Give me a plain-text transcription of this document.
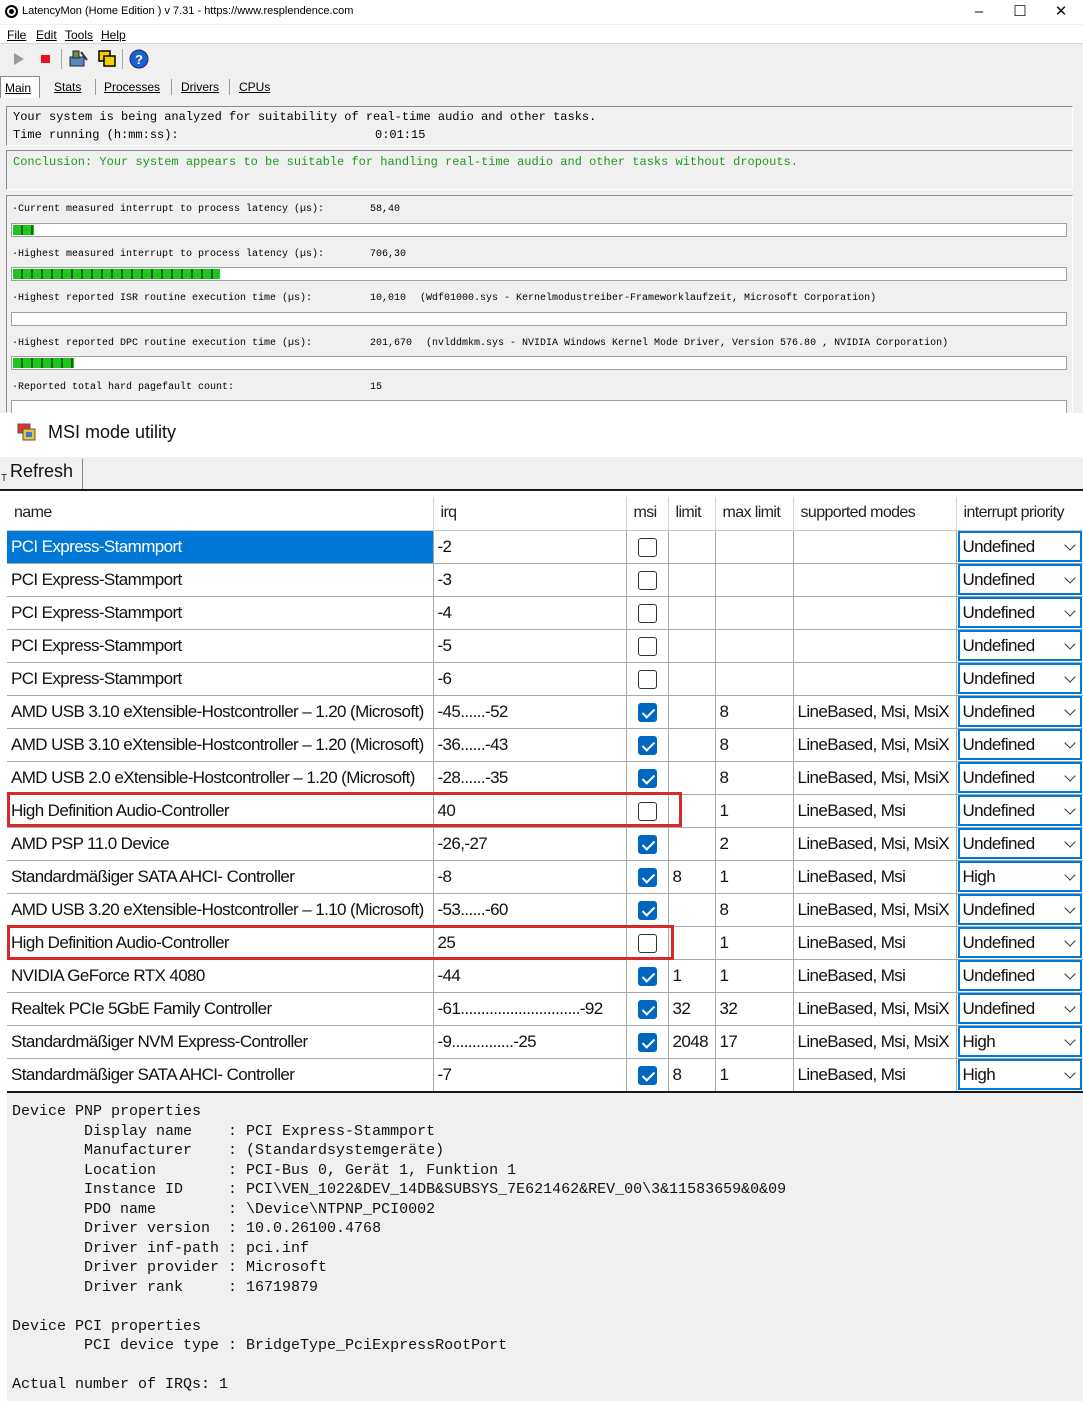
LatencyMon (Home Edition ) v 7.31 - https://www.resplendence.com	–	☐	✕
File Edit Tools Help
?
Main	Stats Processes Drivers CPUs
Your system is being analyzed for suitability of real-time audio and other tasks.
Time running (h:mm:ss):	0:01:15
Conclusion: Your system appears to be suitable for handling real-time audio and other tasks without dropouts.
·Current measured interrupt to process latency (µs):	58,40
·Highest measured interrupt to process latency (µs):	706,30
·Highest reported ISR routine execution time (µs):	10,010 (Wdf01000.sys - Kernelmodustreiber-Frameworklaufzeit, Microsoft Corporation)
·Highest reported DPC routine execution time (µs):	201,670 (nvlddmkm.sys - NVIDIA Windows Kernel Mode Driver, Version 576.80 , NVIDIA Corporation)
·Reported total hard pagefault count:	15
MSI mode utility
T Refresh
name	irq	msi	limit	max limit	supported modes	interrupt priority
PCI Express-Stammport	-2					Undefined

PCI Express-Stammport	-3					Undefined

PCI Express-Stammport	-4					Undefined

PCI Express-Stammport	-5					Undefined

PCI Express-Stammport	-6					Undefined

AMD USB 3.10 eXtensible-Hostcontroller – 1.20 (Microsoft)	-45......-52			8	LineBased, Msi, MsiX	Undefined

AMD USB 3.10 eXtensible-Hostcontroller – 1.20 (Microsoft)	-36......-43			8	LineBased, Msi, MsiX	Undefined

AMD USB 2.0 eXtensible-Hostcontroller – 1.20 (Microsoft)	-28......-35			8	LineBased, Msi, MsiX	Undefined

High Definition Audio-Controller	40			1	LineBased, Msi	Undefined

AMD PSP 11.0 Device	-26,-27			2	LineBased, Msi, MsiX	Undefined

Standardmäßiger SATA AHCI- Controller	-8		8	1	LineBased, Msi	High

AMD USB 3.20 eXtensible-Hostcontroller – 1.10 (Microsoft)	-53......-60			8	LineBased, Msi, MsiX	Undefined

High Definition Audio-Controller	25			1	LineBased, Msi	Undefined

NVIDIA GeForce RTX 4080	-44		1	1	LineBased, Msi	Undefined

Realtek PCIe 5GbE Family Controller	-61.............................-92		32	32	LineBased, Msi, MsiX	Undefined

Standardmäßiger NVM Express-Controller	-9...............-25		2048	17	LineBased, Msi, MsiX	High

Standardmäßiger SATA AHCI- Controller	-7		8	1	LineBased, Msi	High
Device PNP properties
	Display name    : PCI Express-Stammport
	Manufacturer    : (Standardsystemgeräte)
	Location        : PCI-Bus 0, Gerät 1, Funktion 1
	Instance ID     : PCI\VEN_1022&DEV_14DB&SUBSYS_7E621462&REV_00\3&11583659&0&09
	PDO name        : \Device\NTPNP_PCI0002
	Driver version  : 10.0.26100.4768
	Driver inf-path : pci.inf
	Driver provider : Microsoft
	Driver rank     : 16719879

Device PCI properties
	PCI device type : BridgeType_PciExpressRootPort

Actual number of IRQs: 1
